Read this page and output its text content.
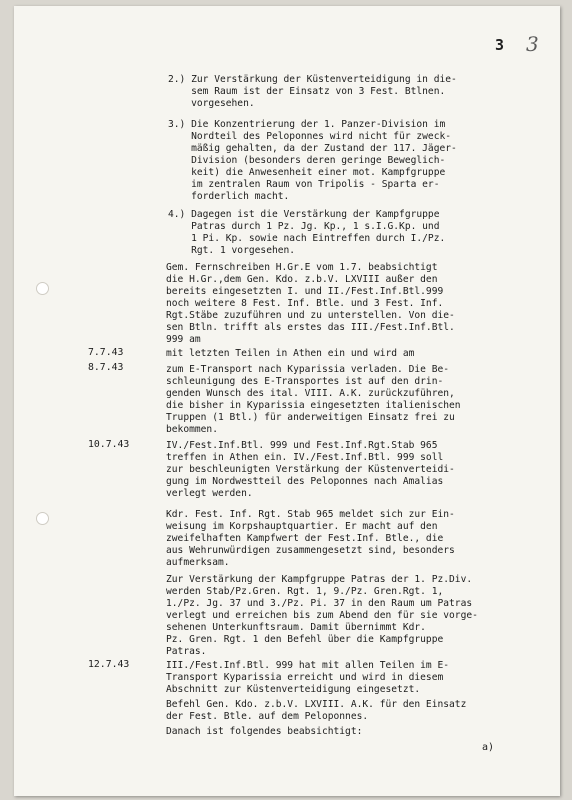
3 3
2.) Zur Verstärkung der Küstenverteidigung in die-
sem Raum ist der Einsatz von 3 Fest. Btlnen.
vorgesehen.
3.) Die Konzentrierung der 1. Panzer-Division im
Nordteil des Peloponnes wird nicht für zweck-
mäßig gehalten, da der Zustand der 117. Jäger-
Division (besonders deren geringe Beweglich-
keit) die Anwesenheit einer mot. Kampfgruppe
im zentralen Raum von Tripolis - Sparta er-
forderlich macht.
4.) Dagegen ist die Verstärkung der Kampfgruppe
Patras durch 1 Pz. Jg. Kp., 1 s.I.G.Kp. und
1 Pi. Kp. sowie nach Eintreffen durch I./Pz.
Rgt. 1 vorgesehen.
Gem. Fernschreiben H.Gr.E vom 1.7. beabsichtigt
die H.Gr.,dem Gen. Kdo. z.b.V. LXVIII außer den
bereits eingesetzten I. und II./Fest.Inf.Btl.999
noch weitere 8 Fest. Inf. Btle. und 3 Fest. Inf.
Rgt.Stäbe zuzuführen und zu unterstellen. Von die-
sen Btln. trifft als erstes das III./Fest.Inf.Btl.
999 am
7.7.43	mit letzten Teilen in Athen ein und wird am
8.7.43	zum E-Transport nach Kyparissia verladen. Die Be-
schleunigung des E-Transportes ist auf den drin-
genden Wunsch des ital. VIII. A.K. zurückzuführen,
die bisher in Kyparissia eingesetzten italienischen
Truppen (1 Btl.) für anderweitigen Einsatz frei zu
bekommen.
10.7.43	IV./Fest.Inf.Btl. 999 und Fest.Inf.Rgt.Stab 965
treffen in Athen ein. IV./Fest.Inf.Btl. 999 soll
zur beschleunigten Verstärkung der Küstenverteidi-
gung im Nordwestteil des Peloponnes nach Amalias
verlegt werden.
Kdr. Fest. Inf. Rgt. Stab 965 meldet sich zur Ein-
weisung im Korpshauptquartier. Er macht auf den
zweifelhaften Kampfwert der Fest.Inf. Btle., die
aus Wehrunwürdigen zusammengesetzt sind, besonders
aufmerksam.
Zur Verstärkung der Kampfgruppe Patras der 1. Pz.Div.
werden Stab/Pz.Gren. Rgt. 1, 9./Pz. Gren.Rgt. 1,
1./Pz. Jg. 37 und 3./Pz. Pi. 37 in den Raum um Patras
verlegt und erreichen bis zum Abend den für sie vorge-
sehenen Unterkunftsraum. Damit übernimmt Kdr.
Pz. Gren. Rgt. 1 den Befehl über die Kampfgruppe
Patras.
12.7.43	III./Fest.Inf.Btl. 999 hat mit allen Teilen im E-
Transport Kyparissia erreicht und wird in diesem
Abschnitt zur Küstenverteidigung eingesetzt.
Befehl Gen. Kdo. z.b.V. LXVIII. A.K. für den Einsatz
der Fest. Btle. auf dem Peloponnes.
Danach ist folgendes beabsichtigt:
a)
